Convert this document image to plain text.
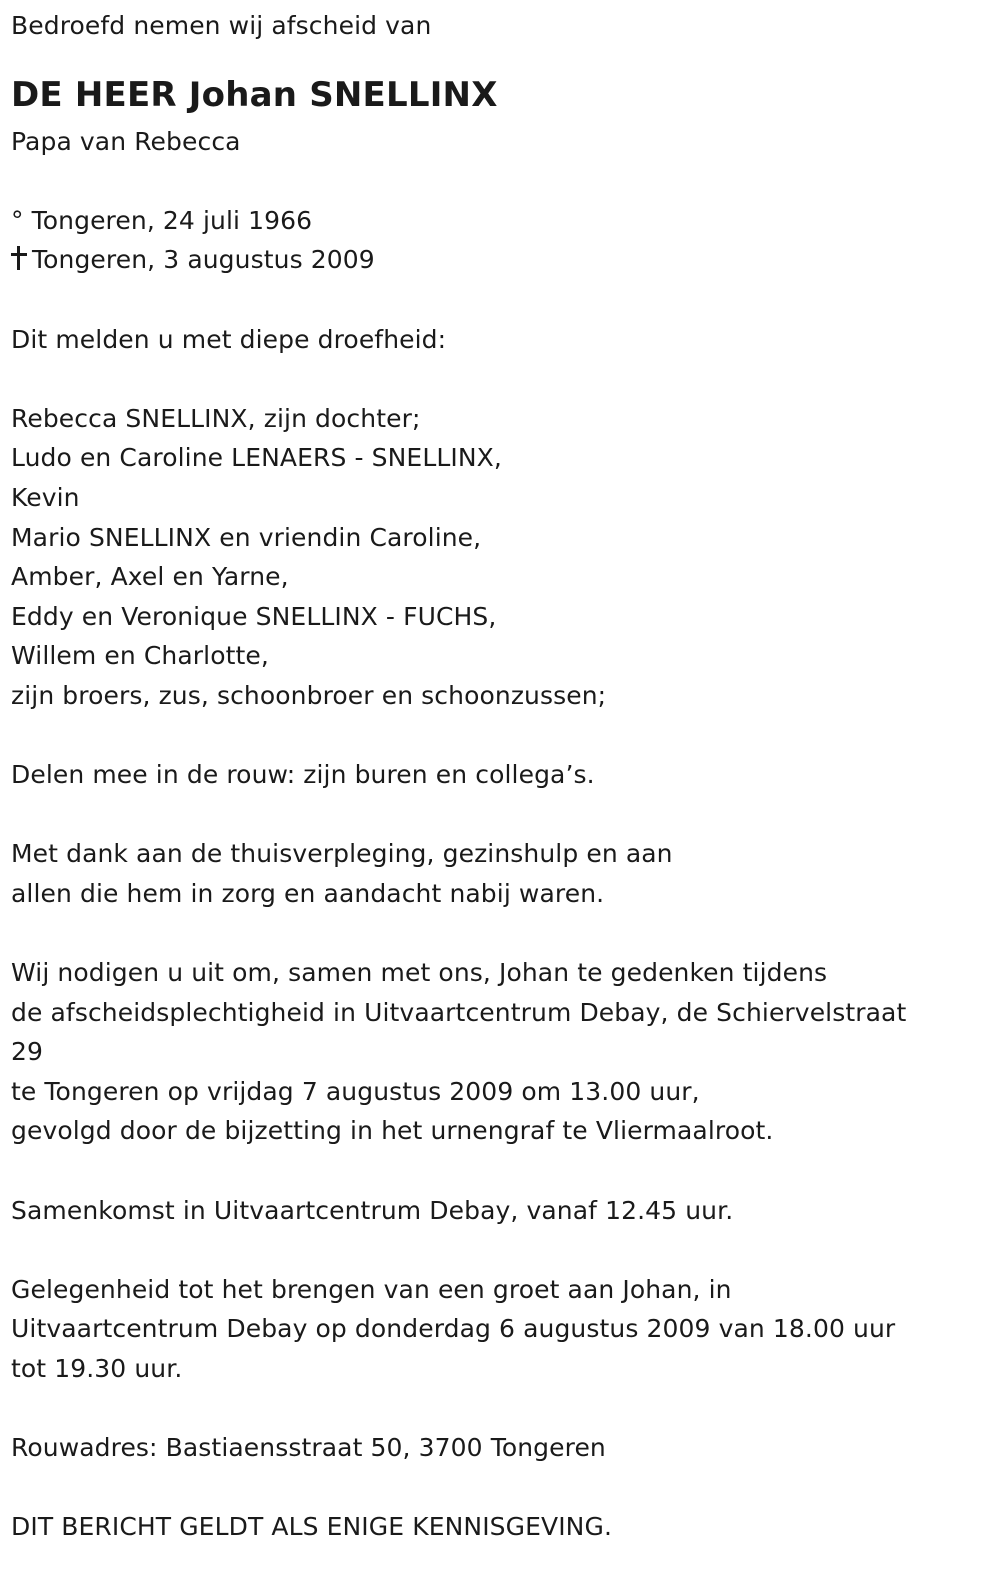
Bedroefd nemen wij afscheid van
DE HEER Johan SNELLINX
Papa van Rebecca
° Tongeren, 24 juli 1966
Tongeren, 3 augustus 2009
Dit melden u met diepe droefheid:
Rebecca SNELLINX, zijn dochter;
Ludo en Caroline LENAERS - SNELLINX,
Kevin
Mario SNELLINX en vriendin Caroline,
Amber, Axel en Yarne,
Eddy en Veronique SNELLINX - FUCHS,
Willem en Charlotte,
zijn broers, zus, schoonbroer en schoonzussen;
Delen mee in de rouw: zijn buren en collega’s.
Met dank aan de thuisverpleging, gezinshulp en aan
allen die hem in zorg en aandacht nabij waren.
Wij nodigen u uit om, samen met ons, Johan te gedenken tijdens
de afscheidsplechtigheid in Uitvaartcentrum Debay, de Schiervelstraat
29
te Tongeren op vrijdag 7 augustus 2009 om 13.00 uur,
gevolgd door de bijzetting in het urnengraf te Vliermaalroot.
Samenkomst in Uitvaartcentrum Debay, vanaf 12.45 uur.
Gelegenheid tot het brengen van een groet aan Johan, in
Uitvaartcentrum Debay op donderdag 6 augustus 2009 van 18.00 uur
tot 19.30 uur.
Rouwadres: Bastiaensstraat 50, 3700 Tongeren
DIT BERICHT GELDT ALS ENIGE KENNISGEVING.
